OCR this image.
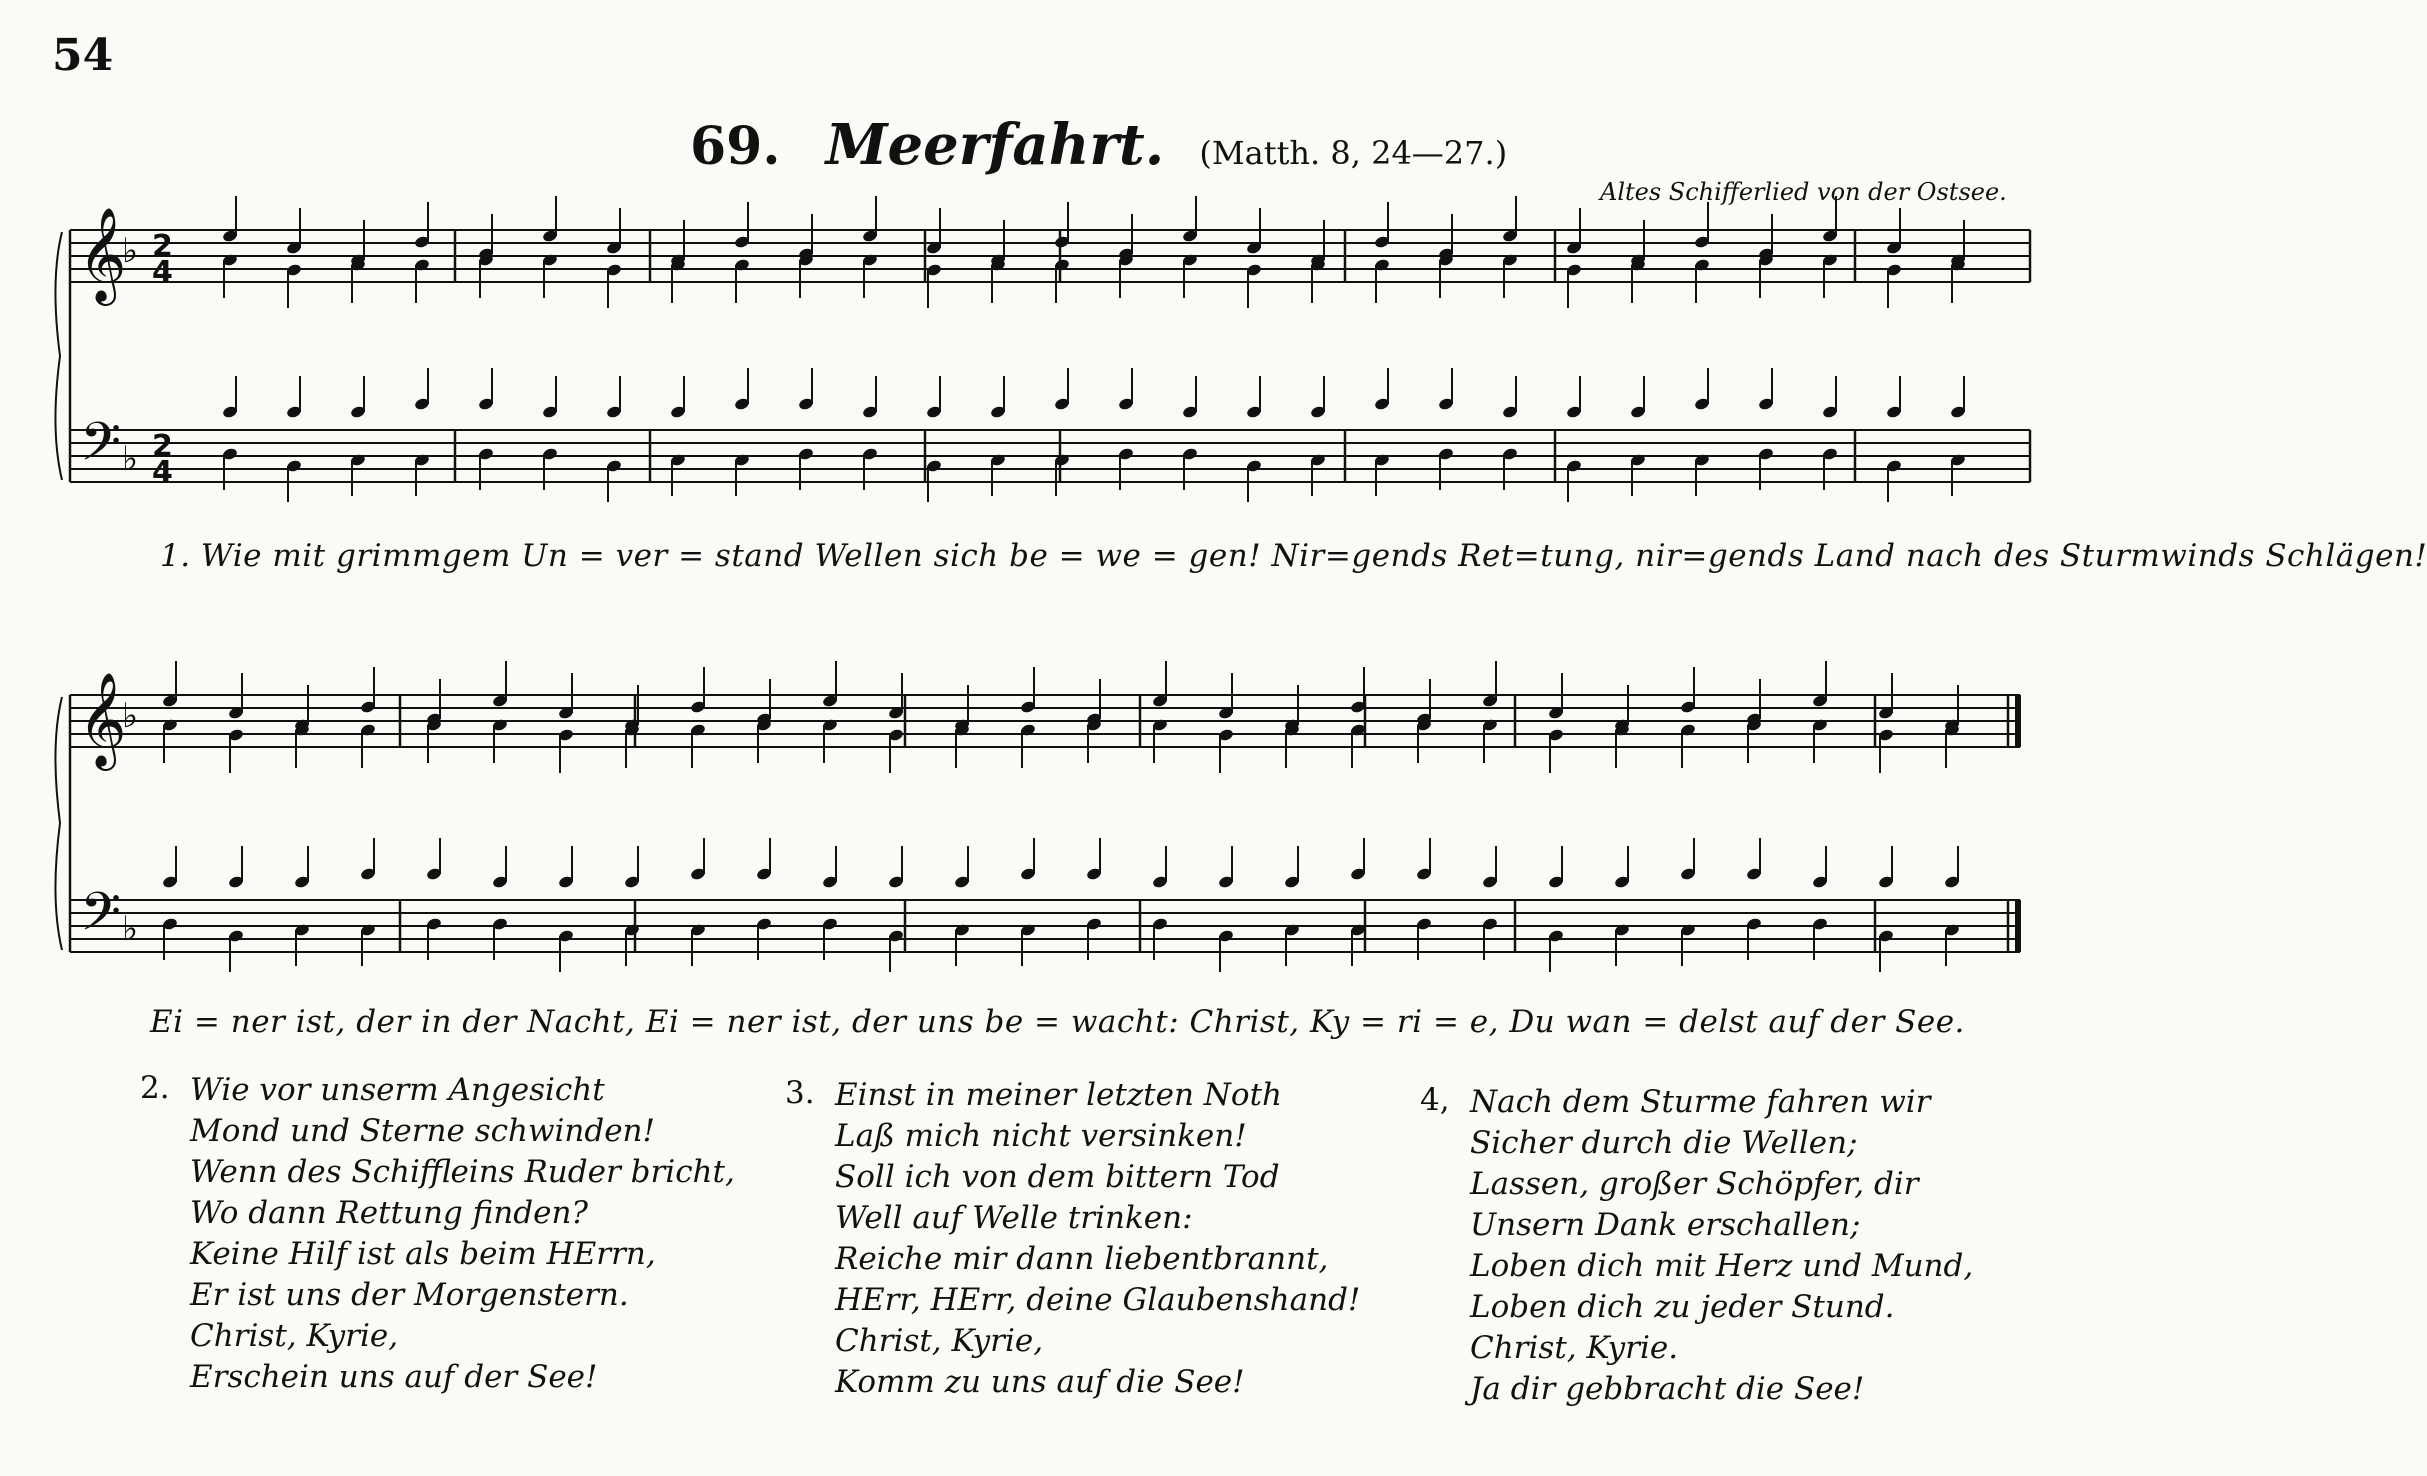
54
69. Meerfahrt. (Matth. 8, 24—27.)
Altes Schifferlied von der Ostsee.
𝄞
♭ 2
4
𝄢 ♭ 2
4
𝄞
♭
𝄢 ♭
1. Wie mit grimmgem Un = ver = stand Wellen sich be = we = gen! Nir=gends Ret=tung, nir=gends Land nach des Sturmwinds Schlägen!
Ei = ner ist, der in der Nacht, Ei = ner ist, der uns be = wacht: Christ, Ky = ri = e, Du wan = delst auf der See.
2. Wie vor unserm Angesicht
Mond und Sterne schwinden!
Wenn des Schiffleins Ruder bricht,
Wo dann Rettung finden?
Keine Hilf ist als beim HErrn,
Er ist uns der Morgenstern.
Christ, Kyrie,
Erschein uns auf der See!
3. Einst in meiner letzten Noth
Laß mich nicht versinken!
Soll ich von dem bittern Tod
Well auf Welle trinken:
Reiche mir dann liebentbrannt,
HErr, HErr, deine Glaubenshand!
Christ, Kyrie,
Komm zu uns auf die See!
4, Nach dem Sturme fahren wir
Sicher durch die Wellen;
Lassen, großer Schöpfer, dir
Unsern Dank erschallen;
Loben dich mit Herz und Mund,
Loben dich zu jeder Stund.
Christ, Kyrie.
Ja dir gebbracht die See!
